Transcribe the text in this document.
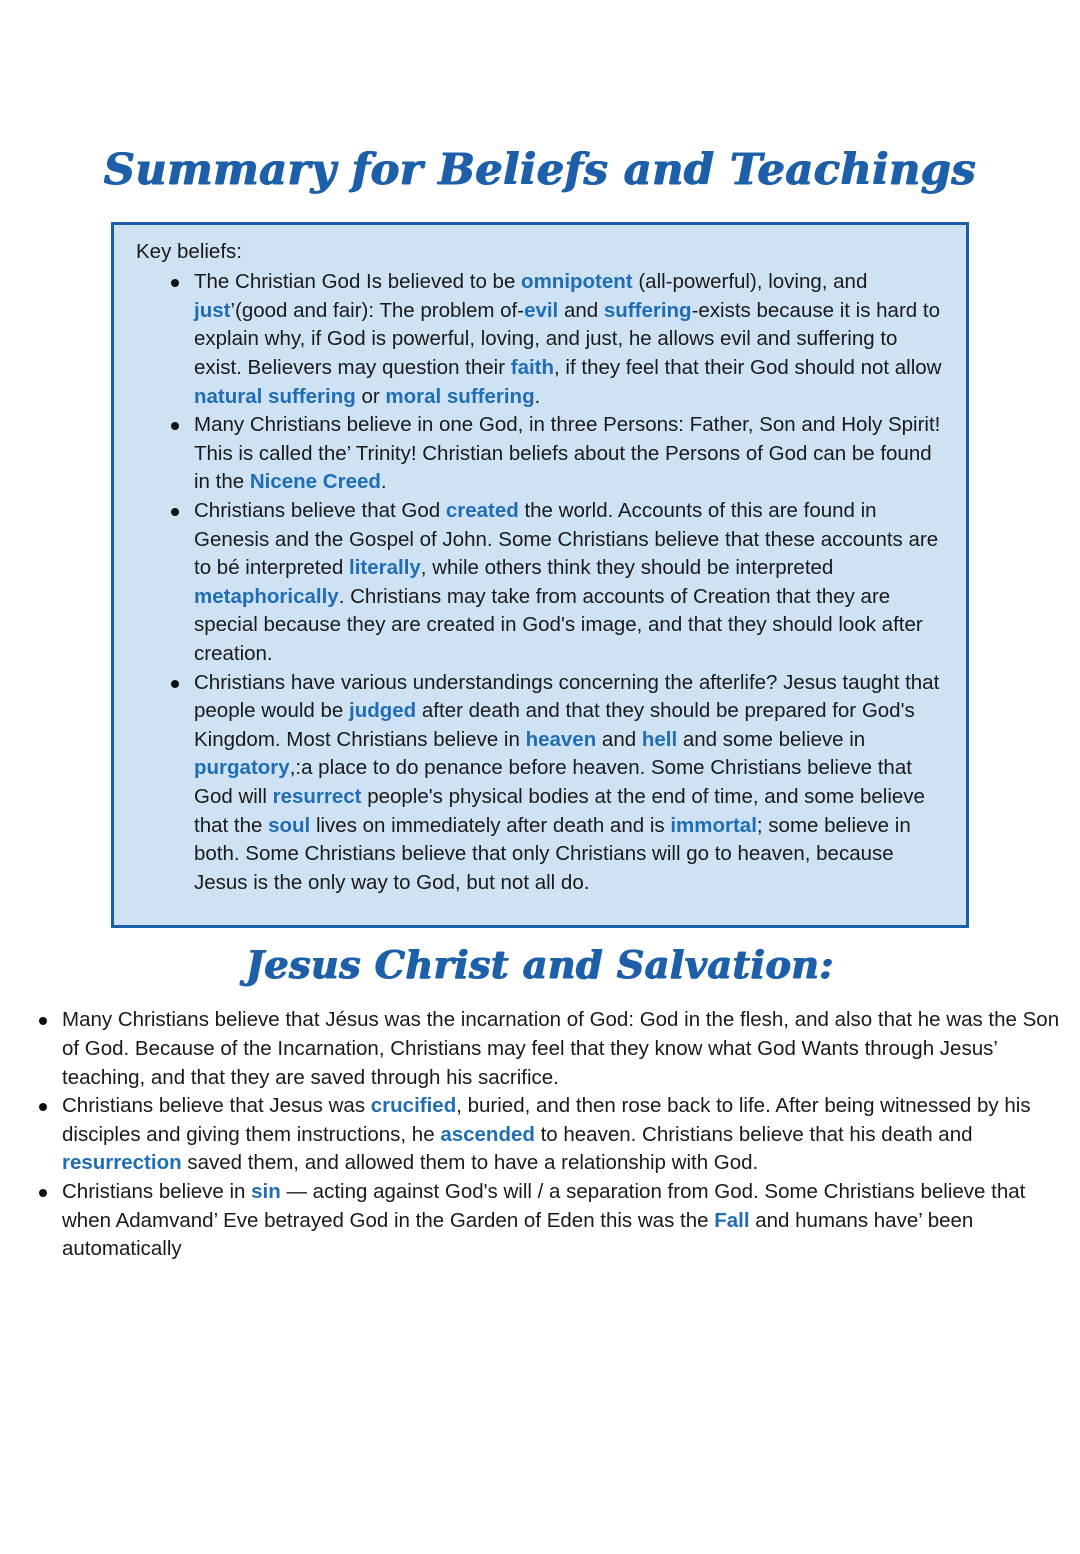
Summary for Beliefs and Teachings
Key beliefs:
The Christian God Is believed to be omnipotent (all-powerful), loving, and just’(good and fair): The problem of-evil and suffering-exists because it is hard to explain why, if God is powerful, loving, and just, he allows evil and suffering to exist. Believers may question their faith, if they feel that their God should not allow natural suffering or moral suffering.
Many Christians believe in one God, in three Persons: Father, Son and Holy Spirit! This is called the’ Trinity! Christian beliefs about the Persons of God can be found in the Nicene Creed.
Christians believe that God created the world. Accounts of this are found in Genesis and the Gospel of John. Some Christians believe that these accounts are to bé interpreted literally, while others think they should be interpreted metaphorically. Christians may take from accounts of Creation that they are special because they are created in God's image, and that they should look after creation.
Christians have various understandings concerning the afterlife? Jesus taught that people would be judged after death and that they should be prepared for God's Kingdom. Most Christians believe in heaven and hell and some believe in purgatory,:a place to do penance before heaven. Some Christians believe that God will resurrect people's physical bodies at the end of time, and some believe that the soul lives on immediately after death and is immortal; some believe in both. Some Christians believe that only Christians will go to heaven, because Jesus is the only way to God, but not all do.
Jesus Christ and Salvation:
Many Christians believe that Jésus was the incarnation of God: God in the flesh, and also that he was the Son of God. Because of the Incarnation, Christians may feel that they know what God Wants through Jesus’ teaching, and that they are saved through his sacrifice.
Christians believe that Jesus was crucified, buried, and then rose back to life. After being witnessed by his disciples and giving them instructions, he ascended to heaven. Christians believe that his death and resurrection saved them, and allowed them to have a relationship with God.
Christians believe in sin — acting against God's will / a separation from God. Some Christians believe that when Adamvand’ Eve betrayed God in the Garden of Eden this was the Fall and humans have’ been automatically
